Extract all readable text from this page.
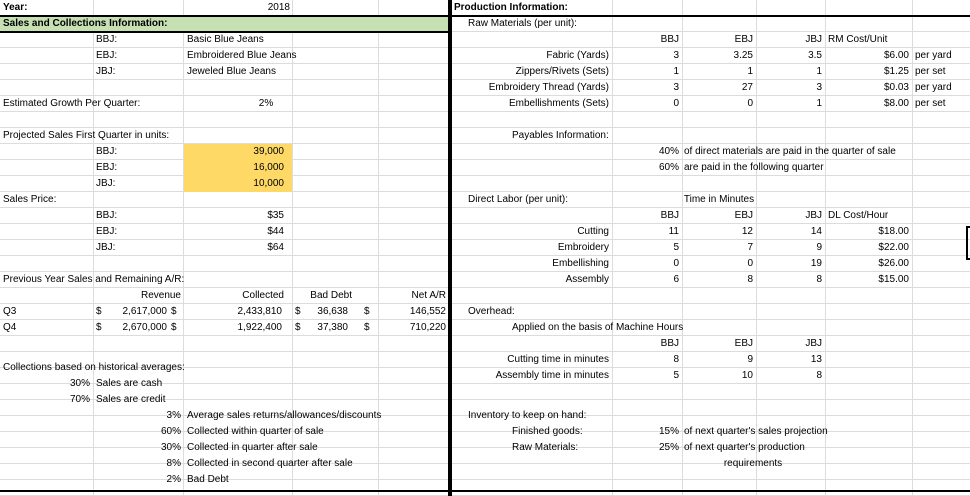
Year:	2018
Sales and Collections Information:
BBJ:	Basic Blue Jeans
EBJ:	Embroidered Blue Jeans
JBJ:	Jeweled Blue Jeans
Estimated Growth Per Quarter:	2%
Projected Sales First Quarter in units:
BBJ:	39,000
EBJ:	16,000
JBJ:	10,000
Sales Price:
BBJ:	$35
EBJ:	$44
JBJ:	$64
Previous Year Sales and Remaining A/R:
Revenue	Collected	Bad Debt	Net A/R
Q3	$	2,617,000 $	2,433,810 $	36,638 $	146,552
Q4	$	2,670,000 $	1,922,400 $	37,380 $	710,220
Collections based on historical averages:
30% Sales are cash
70% Sales are credit
3% Average sales returns/allowances/discounts
60% Collected within quarter of sale
30% Collected in quarter after sale
8% Collected in second quarter after sale
2% Bad Debt
Production Information:
Raw Materials (per unit):
BBJ	EBJ	JBJ RM Cost/Unit
Fabric (Yards)	3	3.25	3.5	$6.00 per yard
Zippers/Rivets (Sets)	1	1	1	$1.25 per set
Embroidery Thread (Yards)	3	27	3	$0.03 per yard
Embellishments (Sets)	0	0	1	$8.00 per set
Payables Information:
40% of direct materials are paid in the quarter of sale
60% are paid in the following quarter
Direct Labor (per unit):	Time in Minutes
BBJ	EBJ	JBJ DL Cost/Hour
Cutting	11	12	14	$18.00
Embroidery	5	7	9	$22.00
Embellishing	0	0	19	$26.00
Assembly	6	8	8	$15.00
Overhead:
Applied on the basis of Machine Hours
BBJ	EBJ	JBJ
Cutting time in minutes	8	9	13
Assembly time in minutes	5	10	8
Inventory to keep on hand:
Finished goods:	15% of next quarter's sales projection
Raw Materials:	25% of next quarter's production
requirements
